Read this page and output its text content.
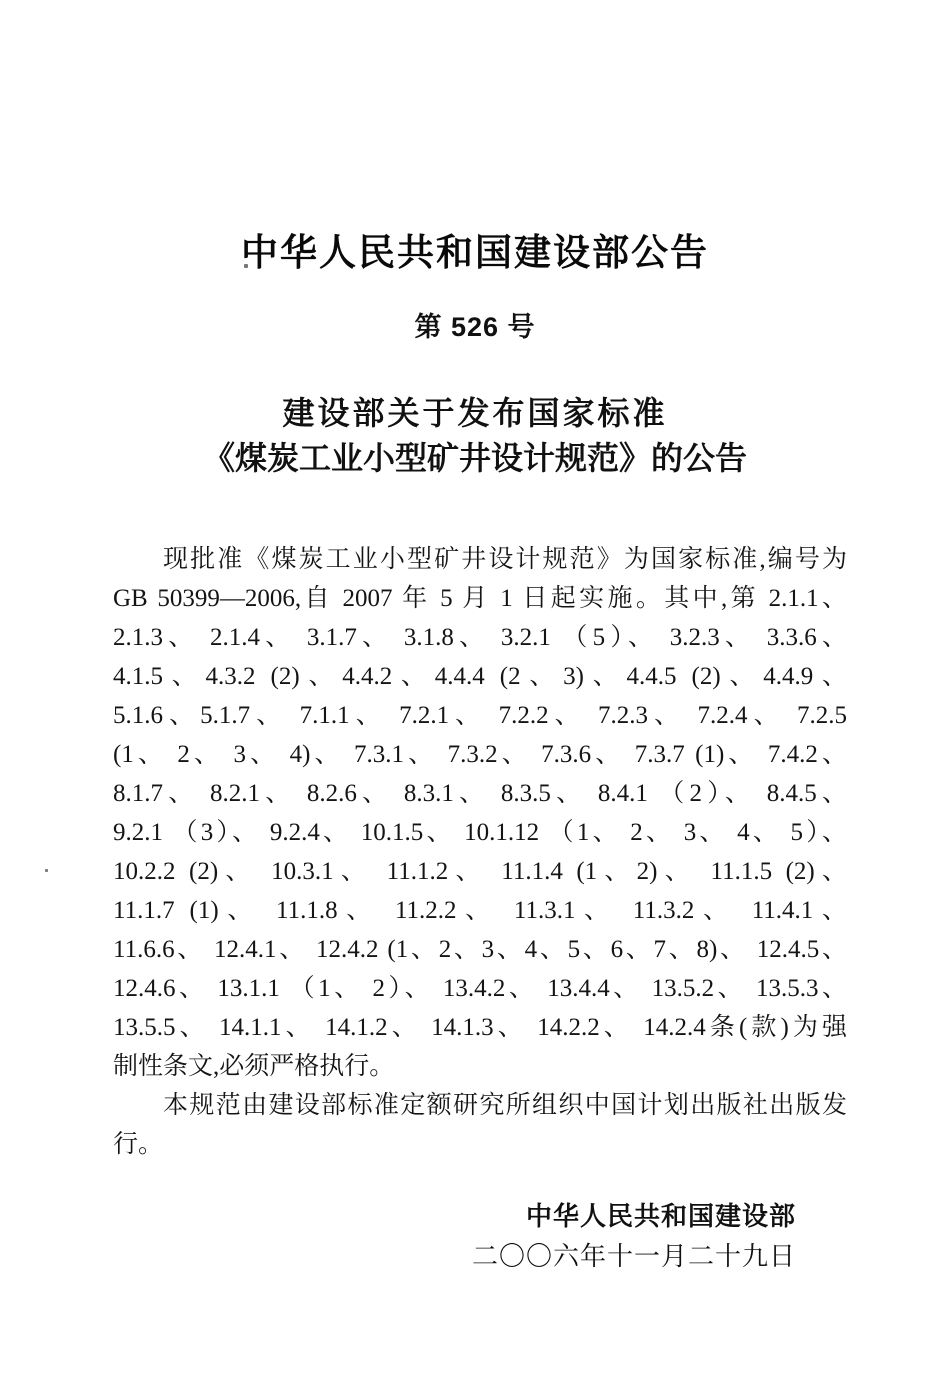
中华人民共和国建设部公告
第 526 号
建设部关于发布国家标准
《煤炭工业小型矿井设计规范》的公告
现批准《煤炭工业小型矿井设计规范》为国家标准,编号为
GB 50399—2006,自 2007 年 5 月 1 日起实施。其中,第 2.1.1、
2.1.3、 2.1.4、 3.1.7、 3.1.8、 3.2.1 （5）、 3.2.3、 3.3.6、
4.1.5、4.3.2 (2)、4.4.2、4.4.4 (2、3)、4.4.5 (2)、4.4.9、
5.1.6、5.1.7、 7.1.1、 7.2.1、 7.2.2、 7.2.3、 7.2.4、 7.2.5
(1、 2、 3、 4)、 7.3.1、 7.3.2、 7.3.6、 7.3.7 (1)、 7.4.2、
8.1.7、 8.2.1、 8.2.6、 8.3.1、 8.3.5、 8.4.1 （2）、 8.4.5、
9.2.1 （3）、 9.2.4、 10.1.5、 10.1.12 （1、 2、 3、 4、 5）、
10.2.2 (2)、 10.3.1、 11.1.2、 11.1.4 (1、2)、 11.1.5 (2)、
11.1.7 (1)、 11.1.8、 11.2.2、 11.3.1、 11.3.2、 11.4.1、
11.6.6、 12.4.1、 12.4.2 (1、2、3、4、5、6、7、8)、 12.4.5、
12.4.6、 13.1.1 （1、 2）、 13.4.2、 13.4.4、 13.5.2、 13.5.3、
13.5.5、 14.1.1、 14.1.2、 14.1.3、 14.2.2、 14.2.4条(款)为强
制性条文,必须严格执行。
本规范由建设部标准定额研究所组织中国计划出版社出版发
行。
中华人民共和国建设部
二〇〇六年十一月二十九日
